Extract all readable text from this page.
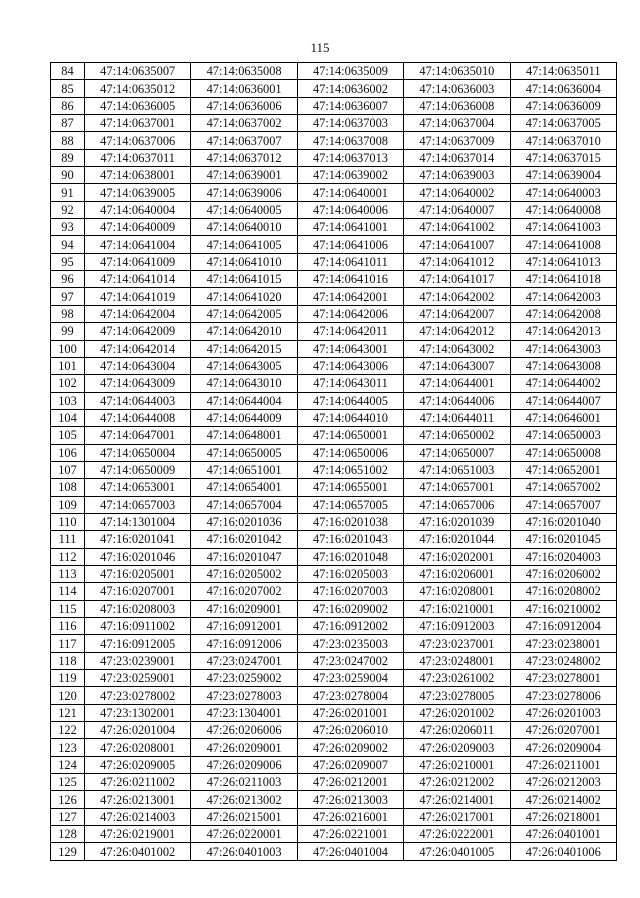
115
84	47:14:0635007	47:14:0635008	47:14:0635009	47:14:0635010	47:14:0635011
85	47:14:0635012	47:14:0636001	47:14:0636002	47:14:0636003	47:14:0636004
86	47:14:0636005	47:14:0636006	47:14:0636007	47:14:0636008	47:14:0636009
87	47:14:0637001	47:14:0637002	47:14:0637003	47:14:0637004	47:14:0637005
88	47:14:0637006	47:14:0637007	47:14:0637008	47:14:0637009	47:14:0637010
89	47:14:0637011	47:14:0637012	47:14:0637013	47:14:0637014	47:14:0637015
90	47:14:0638001	47:14:0639001	47:14:0639002	47:14:0639003	47:14:0639004
91	47:14:0639005	47:14:0639006	47:14:0640001	47:14:0640002	47:14:0640003
92	47:14:0640004	47:14:0640005	47:14:0640006	47:14:0640007	47:14:0640008
93	47:14:0640009	47:14:0640010	47:14:0641001	47:14:0641002	47:14:0641003
94	47:14:0641004	47:14:0641005	47:14:0641006	47:14:0641007	47:14:0641008
95	47:14:0641009	47:14:0641010	47:14:0641011	47:14:0641012	47:14:0641013
96	47:14:0641014	47:14:0641015	47:14:0641016	47:14:0641017	47:14:0641018
97	47:14:0641019	47:14:0641020	47:14:0642001	47:14:0642002	47:14:0642003
98	47:14:0642004	47:14:0642005	47:14:0642006	47:14:0642007	47:14:0642008
99	47:14:0642009	47:14:0642010	47:14:0642011	47:14:0642012	47:14:0642013
100	47:14:0642014	47:14:0642015	47:14:0643001	47:14:0643002	47:14:0643003
101	47:14:0643004	47:14:0643005	47:14:0643006	47:14:0643007	47:14:0643008
102	47:14:0643009	47:14:0643010	47:14:0643011	47:14:0644001	47:14:0644002
103	47:14:0644003	47:14:0644004	47:14:0644005	47:14:0644006	47:14:0644007
104	47:14:0644008	47:14:0644009	47:14:0644010	47:14:0644011	47:14:0646001
105	47:14:0647001	47:14:0648001	47:14:0650001	47:14:0650002	47:14:0650003
106	47:14:0650004	47:14:0650005	47:14:0650006	47:14:0650007	47:14:0650008
107	47:14:0650009	47:14:0651001	47:14:0651002	47:14:0651003	47:14:0652001
108	47:14:0653001	47:14:0654001	47:14:0655001	47:14:0657001	47:14:0657002
109	47:14:0657003	47:14:0657004	47:14:0657005	47:14:0657006	47:14:0657007
110	47:14:1301004	47:16:0201036	47:16:0201038	47:16:0201039	47:16:0201040
111	47:16:0201041	47:16:0201042	47:16:0201043	47:16:0201044	47:16:0201045
112	47:16:0201046	47:16:0201047	47:16:0201048	47:16:0202001	47:16:0204003
113	47:16:0205001	47:16:0205002	47:16:0205003	47:16:0206001	47:16:0206002
114	47:16:0207001	47:16:0207002	47:16:0207003	47:16:0208001	47:16:0208002
115	47:16:0208003	47:16:0209001	47:16:0209002	47:16:0210001	47:16:0210002
116	47:16:0911002	47:16:0912001	47:16:0912002	47:16:0912003	47:16:0912004
117	47:16:0912005	47:16:0912006	47:23:0235003	47:23:0237001	47:23:0238001
118	47:23:0239001	47:23:0247001	47:23:0247002	47:23:0248001	47:23:0248002
119	47:23:0259001	47:23:0259002	47:23:0259004	47:23:0261002	47:23:0278001
120	47:23:0278002	47:23:0278003	47:23:0278004	47:23:0278005	47:23:0278006
121	47:23:1302001	47:23:1304001	47:26:0201001	47:26:0201002	47:26:0201003
122	47:26:0201004	47:26:0206006	47:26:0206010	47:26:0206011	47:26:0207001
123	47:26:0208001	47:26:0209001	47:26:0209002	47:26:0209003	47:26:0209004
124	47:26:0209005	47:26:0209006	47:26:0209007	47:26:0210001	47:26:0211001
125	47:26:0211002	47:26:0211003	47:26:0212001	47:26:0212002	47:26:0212003
126	47:26:0213001	47:26:0213002	47:26:0213003	47:26:0214001	47:26:0214002
127	47:26:0214003	47:26:0215001	47:26:0216001	47:26:0217001	47:26:0218001
128	47:26:0219001	47:26:0220001	47:26:0221001	47:26:0222001	47:26:0401001
129	47:26:0401002	47:26:0401003	47:26:0401004	47:26:0401005	47:26:0401006
